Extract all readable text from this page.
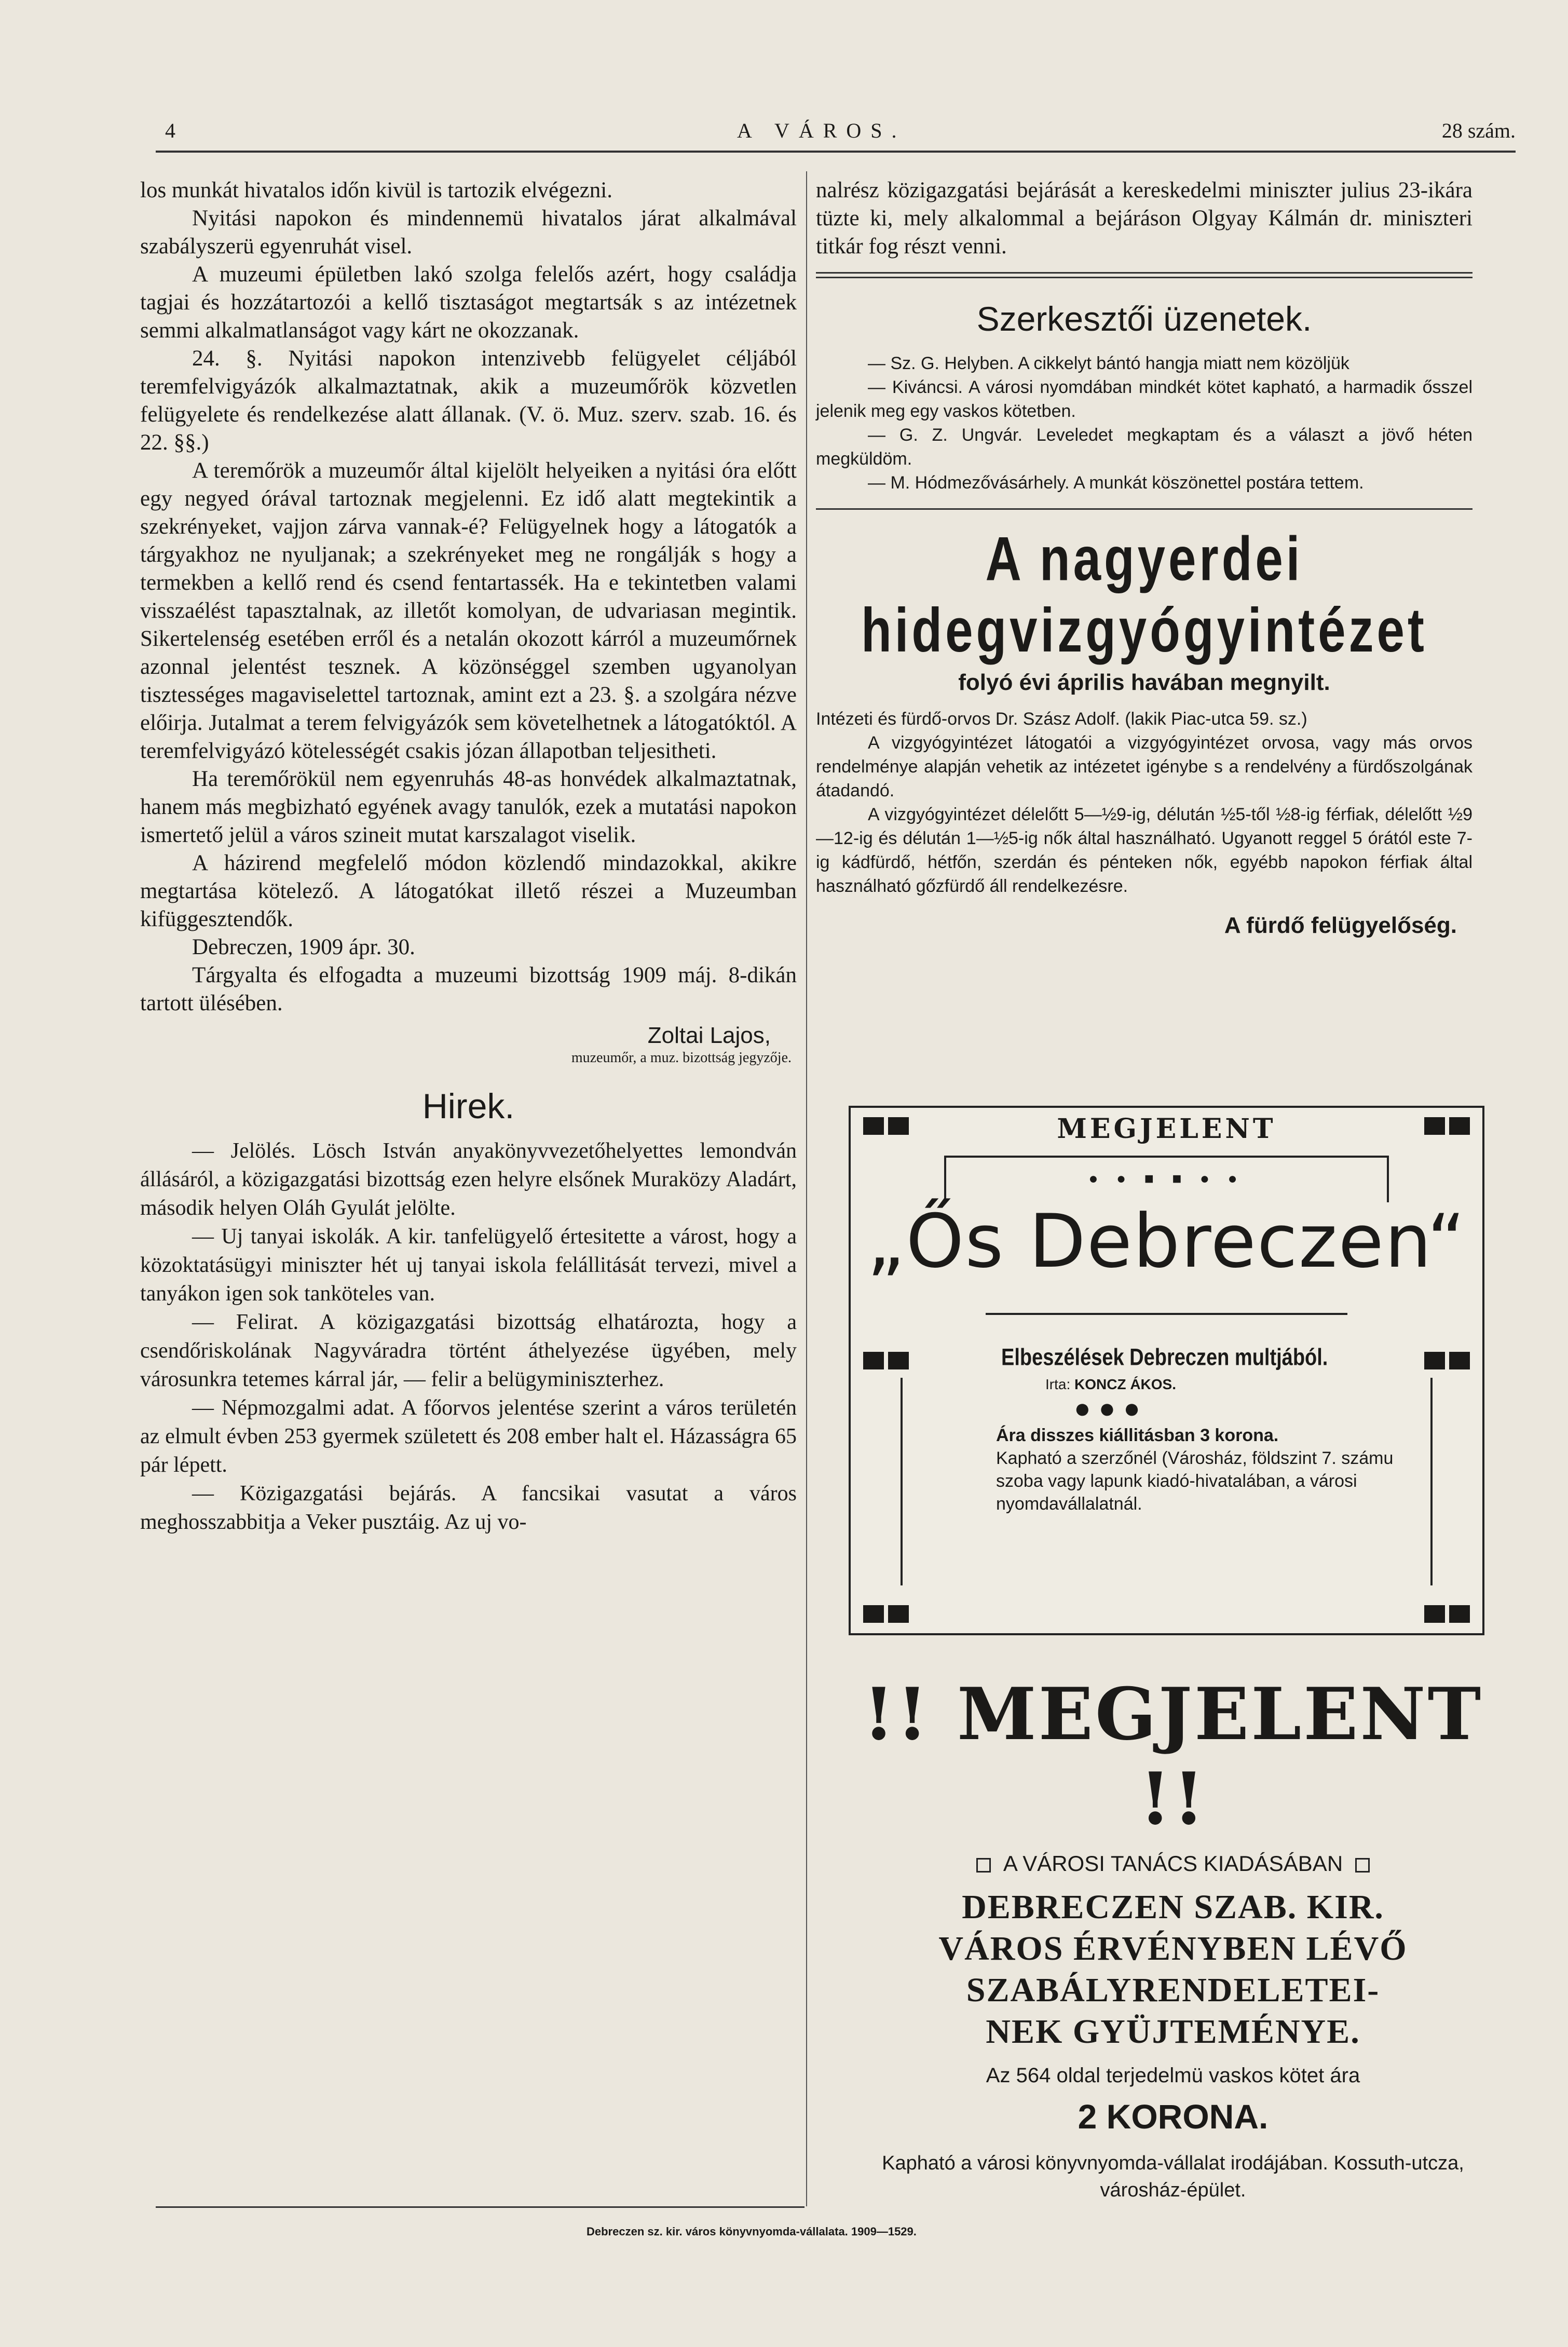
4	A VÁROS.	28 szám.

los munkát hivatalos időn kivül is tartozik elvégezni.

Nyitási napokon és mindennemü hivatalos járat alkalmával szabályszerü egyenruhát visel.

A muzeumi épületben lakó szolga felelős azért, hogy családja tagjai és hozzátartozói a kellő tisztaságot megtartsák s az intézetnek semmi alkalmatlanságot vagy kárt ne okozzanak.

24. §. Nyitási napokon intenzivebb felügyelet céljából teremfelvigyázók alkalmaztatnak, akik a muzeumőrök közvetlen felügyelete és rendelkezése alatt állanak. (V. ö. Muz. szerv. szab. 16. és 22. §§.)

A teremőrök a muzeumőr által kijelölt helyeiken a nyitási óra előtt egy negyed órával tartoznak megjelenni. Ez idő alatt megtekintik a szekrényeket, vajjon zárva vannak-é? Felügyelnek hogy a látogatók a tárgyakhoz ne nyuljanak; a szekrényeket meg ne rongálják s hogy a termekben a kellő rend és csend fentartassék. Ha e tekintetben valami visszaélést tapasztalnak, az illetőt komolyan, de udvariasan megintik. Sikertelenség esetében erről és a netalán okozott kárról a muzeumőrnek azonnal jelentést tesznek. A közönséggel szemben ugyanolyan tisztességes magaviselettel tartoznak, amint ezt a 23. §. a szolgára nézve előirja. Jutalmat a terem felvigyázók sem követelhetnek a látogatóktól. A teremfelvigyázó kötelességét csakis józan állapotban teljesitheti.

Ha teremőrökül nem egyenruhás 48-as honvédek alkalmaztatnak, hanem más megbizható egyének avagy tanulók, ezek a mutatási napokon ismertető jelül a város szineit mutat karszalagot viselik.

A házirend megfelelő módon közlendő mindazokkal, akikre megtartása kötelező. A látogatókat illető részei a Muzeumban kifüggesztendők.

Debreczen, 1909 ápr. 30.

Tárgyalta és elfogadta a muzeumi bizottság 1909 máj. 8-dikán tartott ülésében.

Zoltai Lajos,
muzeumőr, a muz. bizottság jegyzője.
Hirek.

— Jelölés. Lösch István anyakönyvvezetőhelyettes lemondván állásáról, a közigazgatási bizottság ezen helyre elsőnek Muraközy Aladárt, második helyen Oláh Gyulát jelölte.

— Uj tanyai iskolák. A kir. tanfelügyelő értesitette a várost, hogy a közoktatásügyi miniszter hét uj tanyai iskola felállitását tervezi, mivel a tanyákon igen sok tanköteles van.

— Felirat. A közigazgatási bizottság elhatározta, hogy a csendőriskolának Nagyváradra történt áthelyezése ügyében, mely városunkra tetemes kárral jár, — felir a belügyminiszterhez.

— Népmozgalmi adat. A főorvos jelentése szerint a város területén az elmult évben 253 gyermek született és 208 ember halt el. Házasságra 65 pár lépett.

— Közigazgatási bejárás. A fancsikai vasutat a város meghosszabbitja a Veker pusztáig. Az uj vo-

nalrész közigazgatási bejárását a kereskedelmi miniszter julius 23-ikára tüzte ki, mely alkalommal a bejáráson Olgyay Kálmán dr. miniszteri titkár fog részt venni.

Szerkesztői üzenetek.

— Sz. G. Helyben. A cikkelyt bántó hangja miatt nem közöljük

— Kiváncsi. A városi nyomdában mindkét kötet kapható, a harmadik ősszel jelenik meg egy vaskos kötetben.

— G. Z. Ungvár. Leveledet megkaptam és a választ a jövő héten megküldöm.

— M. Hódmezővásárhely. A munkát köszönettel postára tettem.

A nagyerdei hidegvizgyógyintézet
folyó évi április havában megnyilt.

Intézeti és fürdő-orvos Dr. Szász Adolf. (lakik Piac-utca 59. sz.)

A vizgyógyintézet látogatói a vizgyógyintézet orvosa, vagy más orvos rendelménye alapján vehetik az intézetet igénybe s a rendelvény a fürdőszolgának átadandó.

A vizgyógyintézet délelőtt 5—½9-ig, délután ½5-től ½8-ig férfiak, délelőtt ½9—12-ig és délután 1—½5-ig nők által használható. Ugyanott reggel 5 órától este 7-ig kádfürdő, hétfőn, szerdán és pénteken nők, egyébb napokon férfiak által használható gőzfürdő áll rendelkezésre.

A fürdő felügyelőség.
MEGJELENT
● ● ■ ■ ● ●
„Ős Debreczen“
Elbeszélések Debreczen multjából.
Irta: KONCZ ÁKOS.
● ● ●
Ára disszes kiállitásban 3 korona.
Kapható a szerzőnél (Városház, földszint 7. számu szoba vagy lapunk kiadó-hivatalában, a városi nyomdavállalatnál.
!! MEGJELENT !!
A VÁROSI TANÁCS KIADÁSÁBAN
DEBRECZEN SZAB. KIR.
VÁROS ÉRVÉNYBEN LÉVŐ
SZABÁLYRENDELETEI-
NEK GYÜJTEMÉNYE.
Az 564 oldal terjedelmü vaskos kötet ára
2 KORONA.
Kapható a városi könyvnyomda-vállalat irodájában. Kossuth-utcza, városház-épület.
Debreczen sz. kir. város könyvnyomda-vállalata. 1909—1529.
